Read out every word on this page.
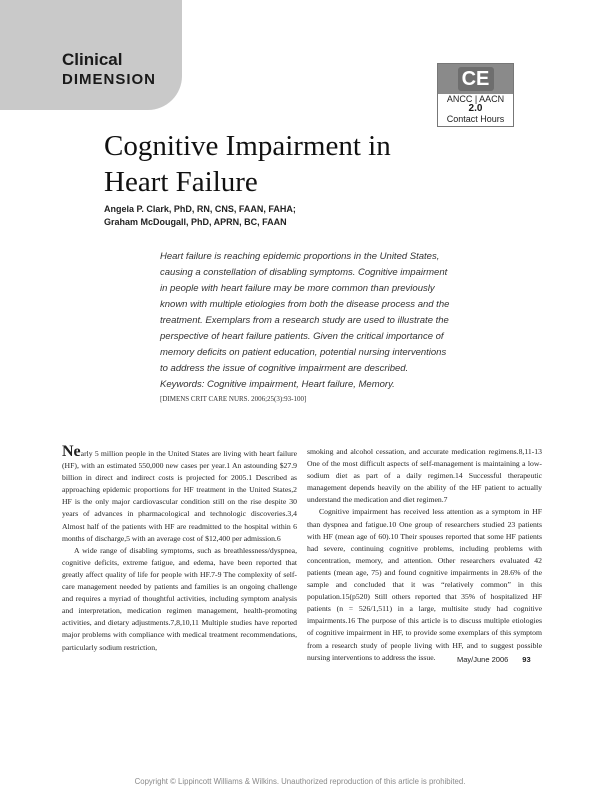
Clinical
DIMENSION	CE
ANCC | AACN
2.0
Contact Hours
Cognitive Impairment in
Heart Failure
Angela P. Clark, PhD, RN, CNS, FAAN, FAHA;
Graham McDougall, PhD, APRN, BC, FAAN
Heart failure is reaching epidemic proportions in the United States, causing a constellation of disabling symptoms. Cognitive impairment in people with heart failure may be more common than previously known with multiple etiologies from both the disease process and the treatment. Exemplars from a research study are used to illustrate the perspective of heart failure patients. Given the critical importance of memory deficits on patient education, potential nursing interventions to address the issue of cognitive impairment are described.
Keywords: Cognitive impairment, Heart failure, Memory.
[DIMENS CRIT CARE NURS. 2006;25(3):93-100]

Nearly 5 million people in the United States are living with heart failure (HF), with an estimated 550,000 new cases per year.1 An astounding $27.9 billion in direct and indirect costs is projected for 2005.1 Described as approaching epidemic proportions for HF treatment in the United States,2 HF is the only major cardiovascular condition still on the rise despite 30 years of advances in pharmacological and technologic discoveries.3,4 Almost half of the patients with HF are readmitted to the hospital within 6 months of discharge,5 with an average cost of $12,400 per admission.6

A wide range of disabling symptoms, such as breathlessness/dyspnea, cognitive deficits, extreme fatigue, and edema, have been reported that greatly affect quality of life for people with HF.7-9 The complexity of self-care management needed by patients and families is an ongoing challenge and requires a myriad of thoughtful activities, including symptom analysis and interpretation, medication regimen management, health-promoting activities, and dietary adjustments.7,8,10,11 Multiple studies have reported major problems with compliance with medical treatment recommendations, particularly sodium restriction,

smoking and alcohol cessation, and accurate medication regimens.8,11-13 One of the most difficult aspects of self-management is maintaining a low-sodium diet as part of a daily regimen.14 Successful therapeutic management depends heavily on the ability of the HF patient to actually understand the medication and diet regimen.7

Cognitive impairment has received less attention as a symptom in HF than dyspnea and fatigue.10 One group of researchers studied 23 patients with HF (mean age of 60).10 Their spouses reported that some HF patients had severe, continuing cognitive problems, including problems with concentration, memory, and attention. Other researchers evaluated 42 patients (mean age, 75) and found cognitive impairments in 28.6% of the sample and concluded that it was “relatively common” in this population.15(p520) Still others reported that 35% of hospitalized HF patients (n = 526/1,511) in a large, multisite study had cognitive impairments.16 The purpose of this article is to discuss multiple etiologies of cognitive impairment in HF, to provide some exemplars of this symptom from a research study of people living with HF, and to suggest possible nursing interventions to address the issue.	May/June 2006 93
Copyright © Lippincott Williams & Wilkins. Unauthorized reproduction of this article is prohibited.
